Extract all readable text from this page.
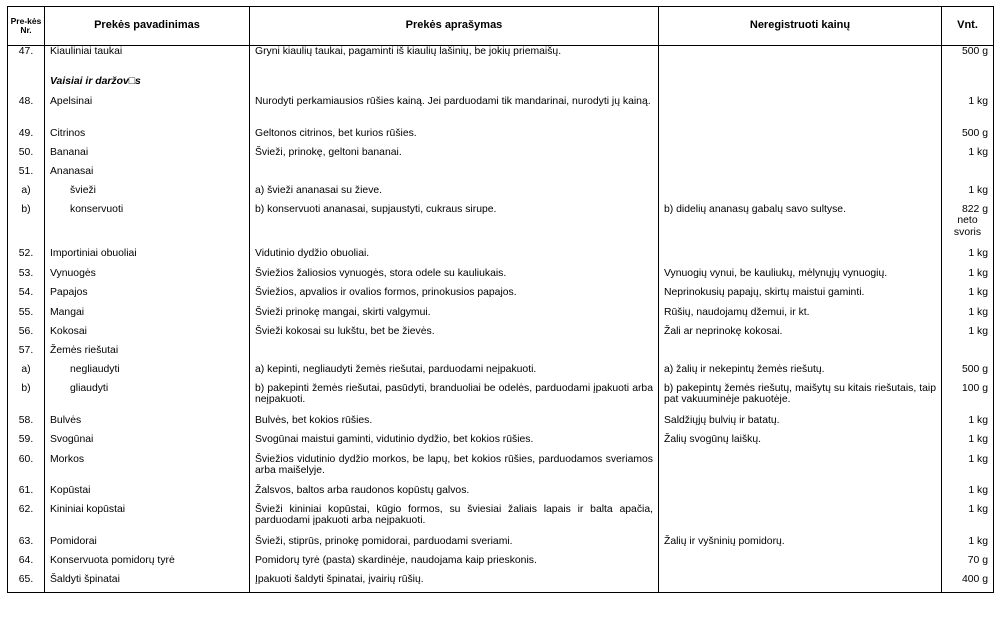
Pre-kės Nr.	Prekės pavadinimas	Prekės aprašymas	Neregistruoti kainų	Vnt.
47.	Kiauliniai taukai	Gryni kiaulių taukai, pagaminti iš kiaulių lašinių, be jokių priemaišų.		500 g
	Vaisiai ir daržov□s			
48.	Apelsinai	Nurodyti perkamiausios rūšies kainą. Jei parduodami tik mandarinai, nurodyti jų kainą.		1 kg
49.	Citrinos	Geltonos citrinos, bet kurios rūšies.		500 g
50.	Bananai	Švieži, prinokę, geltoni bananai.		1 kg
51.	Ananasai			
a)	švieži	a) švieži ananasai su žieve.		1 kg
b)	konservuoti	b) konservuoti ananasai, supjaustyti, cukraus sirupe.	b) didelių ananasų gabalų savo sultyse.	822 g
neto svoris

52.	Importiniai obuoliai	Vidutinio dydžio obuoliai.		1 kg
53.	Vynuogės	Šviežios žaliosios vynuogės, stora odele su kauliukais.	Vynuogių vynui, be kauliukų, mėlynųjų vynuogių.	1 kg
54.	Papajos	Šviežios, apvalios ir ovalios formos, prinokusios papajos.	Neprinokusių papajų, skirtų maistui gaminti.	1 kg
55.	Mangai	Švieži prinokę mangai, skirti valgymui.	Rūšių, naudojamų džemui, ir kt.	1 kg
56.	Kokosai	Švieži kokosai su lukštu, bet be žievės.	Žali ar neprinokę kokosai.	1 kg
57.	Žemės riešutai			
a)	negliaudyti	a) kepinti, negliaudyti žemės riešutai, parduodami neįpakuoti.	a) žalių ir nekepintų žemės riešutų.	500 g
b)	gliaudyti	b) pakepinti žemės riešutai, pasūdyti, branduoliai be odelės, parduodami įpakuoti arba neįpakuoti.	b) pakepintų žemės riešutų, maišytų su kitais riešutais, taip pat vakuuminėje pakuotėje.	100 g
58.	Bulvės	Bulvės, bet kokios rūšies.	Saldžiųjų bulvių ir batatų.	1 kg
59.	Svogūnai	Svogūnai maistui gaminti, vidutinio dydžio, bet kokios rūšies.	Žalių svogūnų laiškų.	1 kg
60.	Morkos	Šviežios vidutinio dydžio morkos, be lapų, bet kokios rūšies, parduodamos sveriamos arba maišelyje.		1 kg
61.	Kopūstai	Žalsvos, baltos arba raudonos kopūstų galvos.		1 kg
62.	Kininiai kopūstai	Švieži kininiai kopūstai, kūgio formos, su šviesiai žaliais lapais ir balta apačia, parduodami įpakuoti arba neįpakuoti.		1 kg
63.	Pomidorai	Švieži, stiprūs, prinokę pomidorai, parduodami sveriami.	Žalių ir vyšninių pomidorų.	1 kg
64.	Konservuota pomidorų tyrė	Pomidorų tyrė (pasta) skardinėje, naudojama kaip prieskonis.		70 g
65.	Šaldyti špinatai	Įpakuoti šaldyti špinatai, įvairių rūšių.		400 g
